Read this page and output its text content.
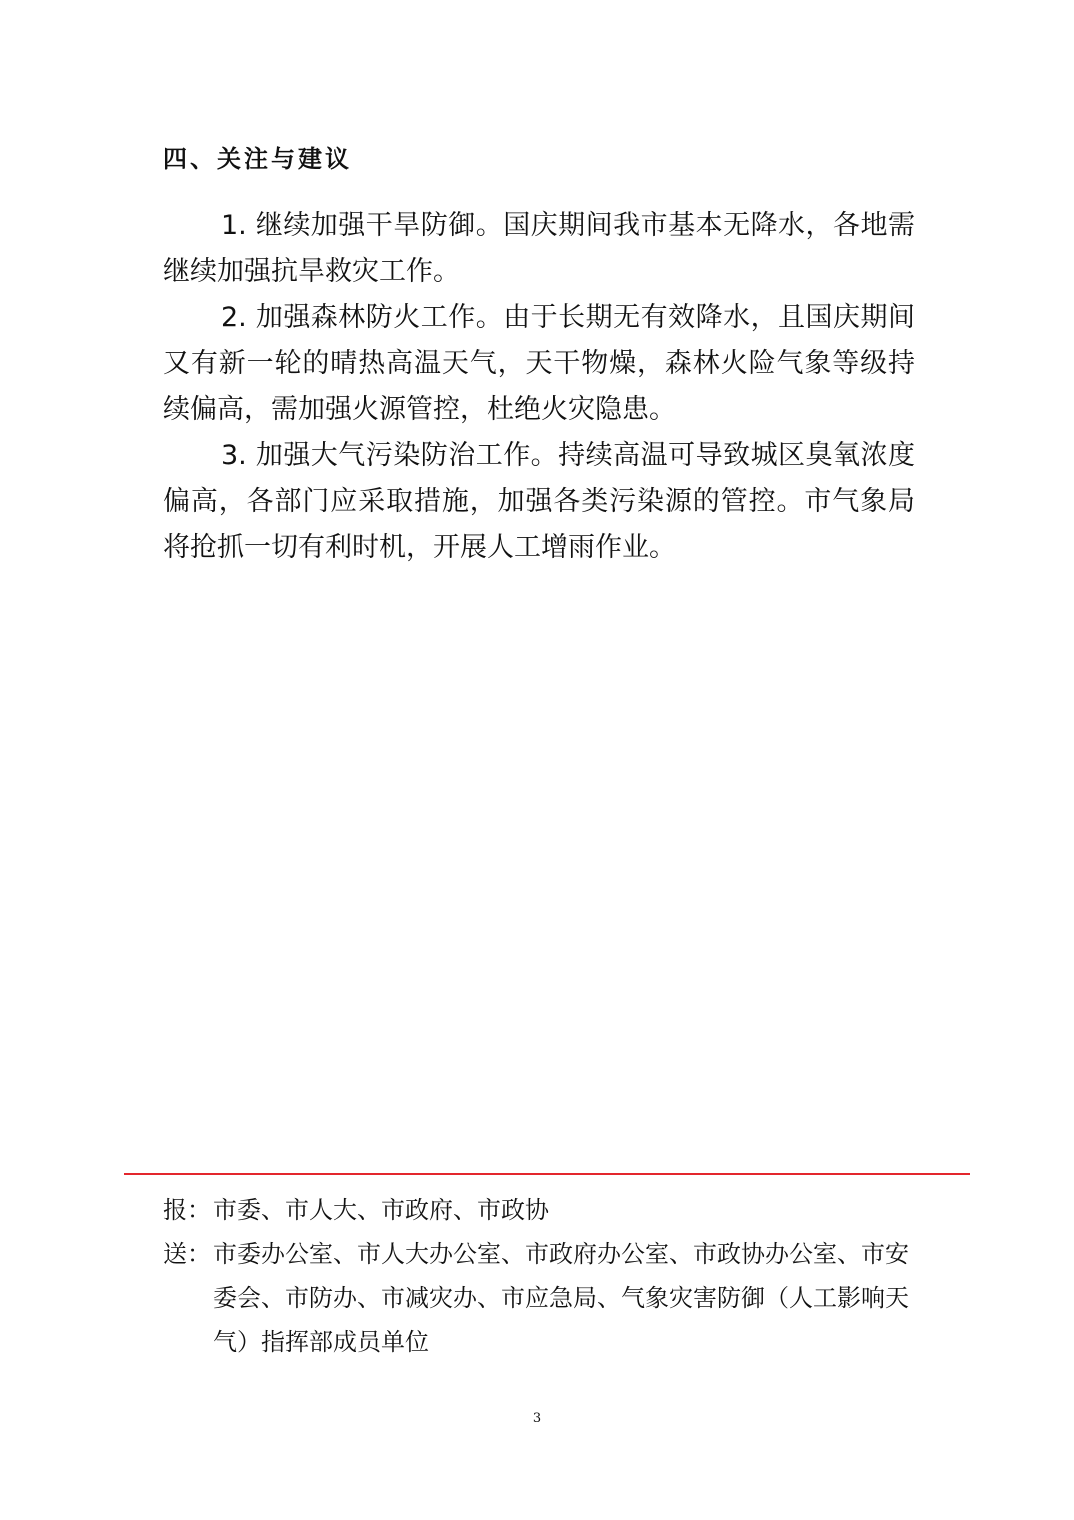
四、关注与建议

1. 继续加强干旱防御。国庆期间我市基本无降水，各地需继续加强抗旱救灾工作。

2. 加强森林防火工作。由于长期无有效降水，且国庆期间又有新一轮的晴热高温天气，天干物燥，森林火险气象等级持续偏高，需加强火源管控，杜绝火灾隐患。

3. 加强大气污染防治工作。持续高温可导致城区臭氧浓度偏高，各部门应采取措施，加强各类污染源的管控。市气象局将抢抓一切有利时机，开展人工增雨作业。

报： 市委、市人大、市政府、市政协
送： 市委办公室、市人大办公室、市政府办公室、市政协办公室、市安委会、市防办、市减灾办、市应急局、气象灾害防御（人工影响天气）指挥部成员单位
3
